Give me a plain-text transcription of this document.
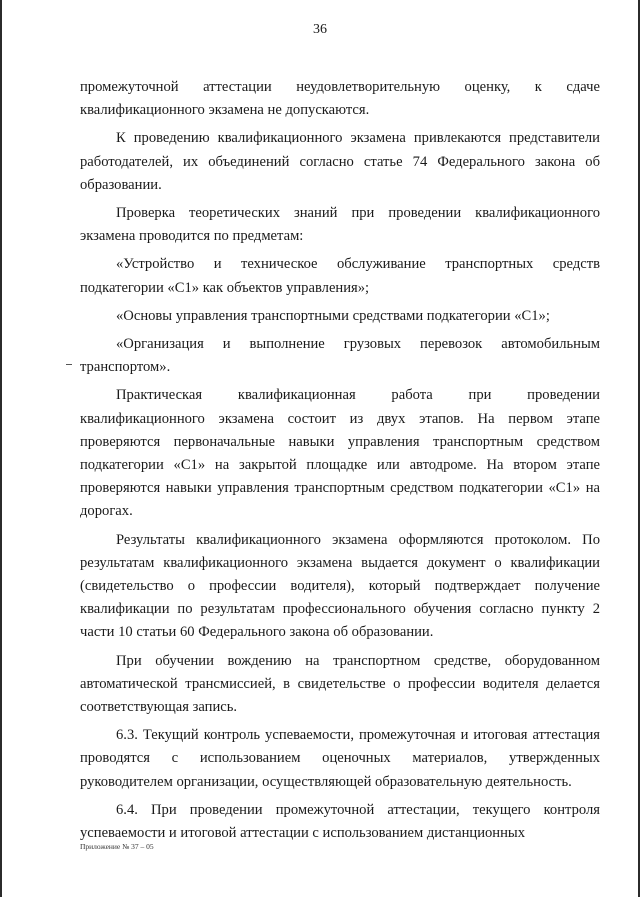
36

промежуточной аттестации неудовлетворительную оценку, к сдаче квалификационного экзамена не допускаются.

К проведению квалификационного экзамена привлекаются представители работодателей, их объединений согласно статье 74 Федерального закона об образовании.

Проверка теоретических знаний при проведении квалификационного экзамена проводится по предметам:

«Устройство и техническое обслуживание транспортных средств подкатегории «С1» как объектов управления»;

«Основы управления транспортными средствами подкатегории «С1»;

«Организация и выполнение грузовых перевозок автомобильным транспортом».

Практическая квалификационная работа при проведении квалификационного экзамена состоит из двух этапов. На первом этапе проверяются первоначальные навыки управления транспортным средством подкатегории «С1» на закрытой площадке или автодроме. На втором этапе проверяются навыки управления транспортным средством подкатегории «С1» на дорогах.

Результаты квалификационного экзамена оформляются протоколом. По результатам квалификационного экзамена выдается документ о квалификации (свидетельство о профессии водителя), который подтверждает получение квалификации по результатам профессионального обучения согласно пункту 2 части 10 статьи 60 Федерального закона об образовании.

При обучении вождению на транспортном средстве, оборудованном автоматической трансмиссией, в свидетельстве о профессии водителя делается соответствующая запись.

6.3. Текущий контроль успеваемости, промежуточная и итоговая аттестация проводятся с использованием оценочных материалов, утвержденных руководителем организации, осуществляющей образовательную деятельность.

6.4. При проведении промежуточной аттестации, текущего контроля успеваемости и итоговой аттестации с использованием дистанционных

Приложение № 37 – 05
